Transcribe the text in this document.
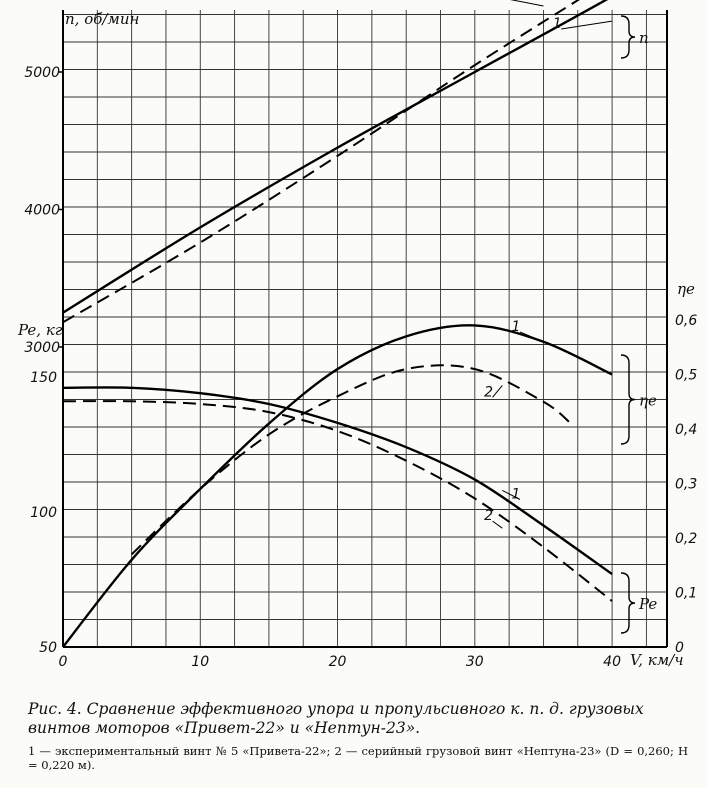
0	10	20	30	40
3000
4000
5000
50
100
150
0
0,1
0,2
0,3
0,4
0,5
0,6
1
1
2
1
2
n
ηe
Pe
V, км/ч
n, об/мин
Pe, кг
ηe
Рис. 4. Сравнение эффективного упора и пропульсивного к. п. д. грузовых винтов моторов «Привет-22» и «Нептун-23».
1 — экспериментальный винт № 5 «Привета-22»; 2 — серийный грузовой винт «Нептуна-23» (D = 0,260; H = 0,220 м).
